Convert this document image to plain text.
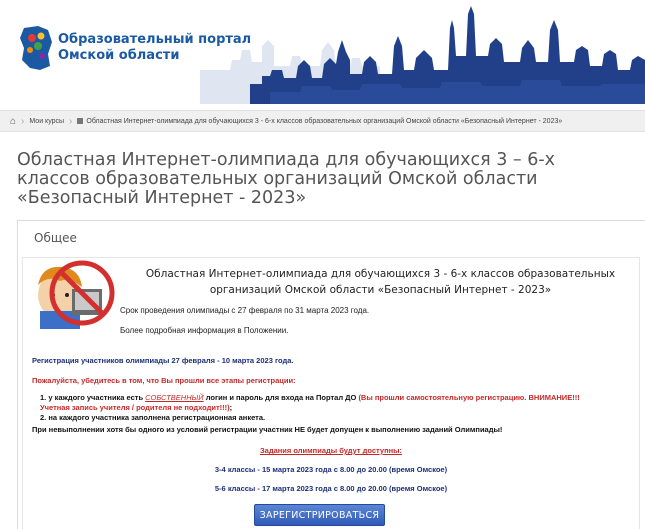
Образовательный портал
Омской области
⌂ › Мои курсы › Областная Интернет-олимпиада для обучающихся 3 - 6-х классов образовательных организаций Омской области «Безопасный Интернет - 2023»
Областная Интернет-олимпиада для обучающихся 3 – 6-х классов образовательных организаций Омской области «Безопасный Интернет - 2023»
Общее
Областная Интернет-олимпиада для обучающихся 3 - 6-х классов образовательных организаций Омской области «Безопасный Интернет - 2023»
Срок проведения олимпиады с 27 февраля по 31 марта 2023 года.
Более подробная информация в Положении.
Регистрация участников олимпиады 27 февраля - 10 марта 2023 года.
Пожалуйста, убедитесь в том, что Вы прошли все этапы регистрации:
1. у каждого участника есть СОБСТВЕННЫЙ логин и пароль для входа на Портал ДО (Вы прошли самостоятельную регистрацию. ВНИМАНИЕ!!! Учетная запись учителя / родителя не подходит!!!);
2. на каждого участника заполнена регистрационная анкета.
При невыполнении хотя бы одного из условий регистрации участник НЕ будет допущен к выполнению заданий Олимпиады!
Задания олимпиады будут доступны:
3-4 классы - 15 марта 2023 года с 8.00 до 20.00 (время Омское)
5-6 классы - 17 марта 2023 года с 8.00 до 20.00 (время Омское)
ЗАРЕГИСТРИРОВАТЬСЯ
